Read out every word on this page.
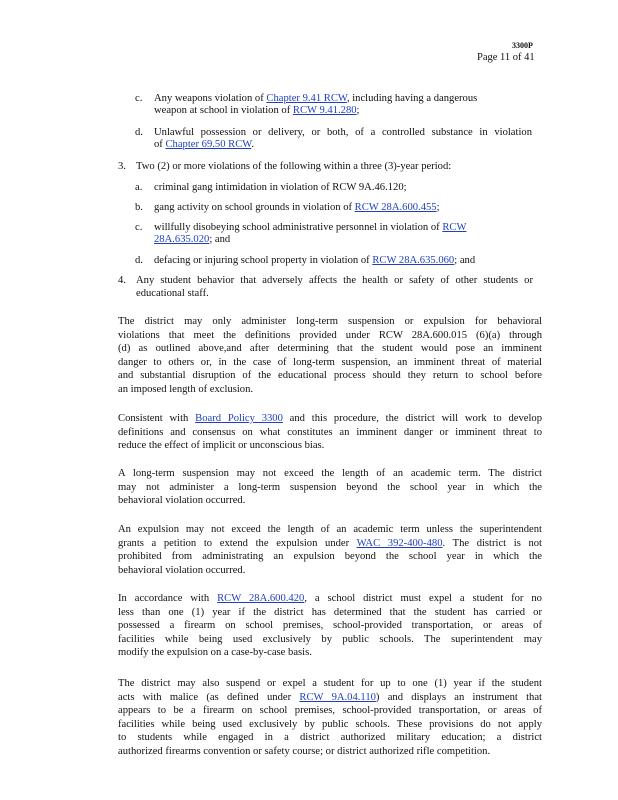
3300P
Page 11 of 41
c. Any weapons violation of Chapter 9.41 RCW, including having a dangerous
weapon at school in violation of RCW 9.41.280;
d. Unlawful possession or delivery, or both, of a controlled substance in violation
of Chapter 69.50 RCW.
3. Two (2) or more violations of the following within a three (3)-year period:
a. criminal gang intimidation in violation of RCW 9A.46.120;
b. gang activity on school grounds in violation of RCW 28A.600.455;
c. willfully disobeying school administrative personnel in violation of RCW
28A.635.020; and
d. defacing or injuring school property in violation of RCW 28A.635.060; and
4. Any student behavior that adversely affects the health or safety of other students or
educational staff.
The district may only administer long-term suspension or expulsion for behavioral
violations that meet the definitions provided under RCW 28A.600.015 (6)(a) through
(d) as outlined above,and after determining that the student would pose an imminent
danger to others or, in the case of long-term suspension, an imminent threat of material
and substantial disruption of the educational process should they return to school before
an imposed length of exclusion.
Consistent with Board Policy 3300 and this procedure, the district will work to develop
definitions and consensus on what constitutes an imminent danger or imminent threat to
reduce the effect of implicit or unconscious bias.
A long-term suspension may not exceed the length of an academic term. The district
may not administer a long-term suspension beyond the school year in which the
behavioral violation occurred.
An expulsion may not exceed the length of an academic term unless the superintendent
grants a petition to extend the expulsion under WAC 392-400-480. The district is not
prohibited from administrating an expulsion beyond the school year in which the
behavioral violation occurred.
In accordance with RCW 28A.600.420, a school district must expel a student for no
less than one (1) year if the district has determined that the student has carried or
possessed a firearm on school premises, school-provided transportation, or areas of
facilities while being used exclusively by public schools. The superintendent may
modify the expulsion on a case-by-case basis.
The district may also suspend or expel a student for up to one (1) year if the student
acts with malice (as defined under RCW 9A.04.110) and displays an instrument that
appears to be a firearm on school premises, school-provided transportation, or areas of
facilities while being used exclusively by public schools. These provisions do not apply
to students while engaged in a district authorized military education; a district
authorized firearms convention or safety course; or district authorized rifle competition.
